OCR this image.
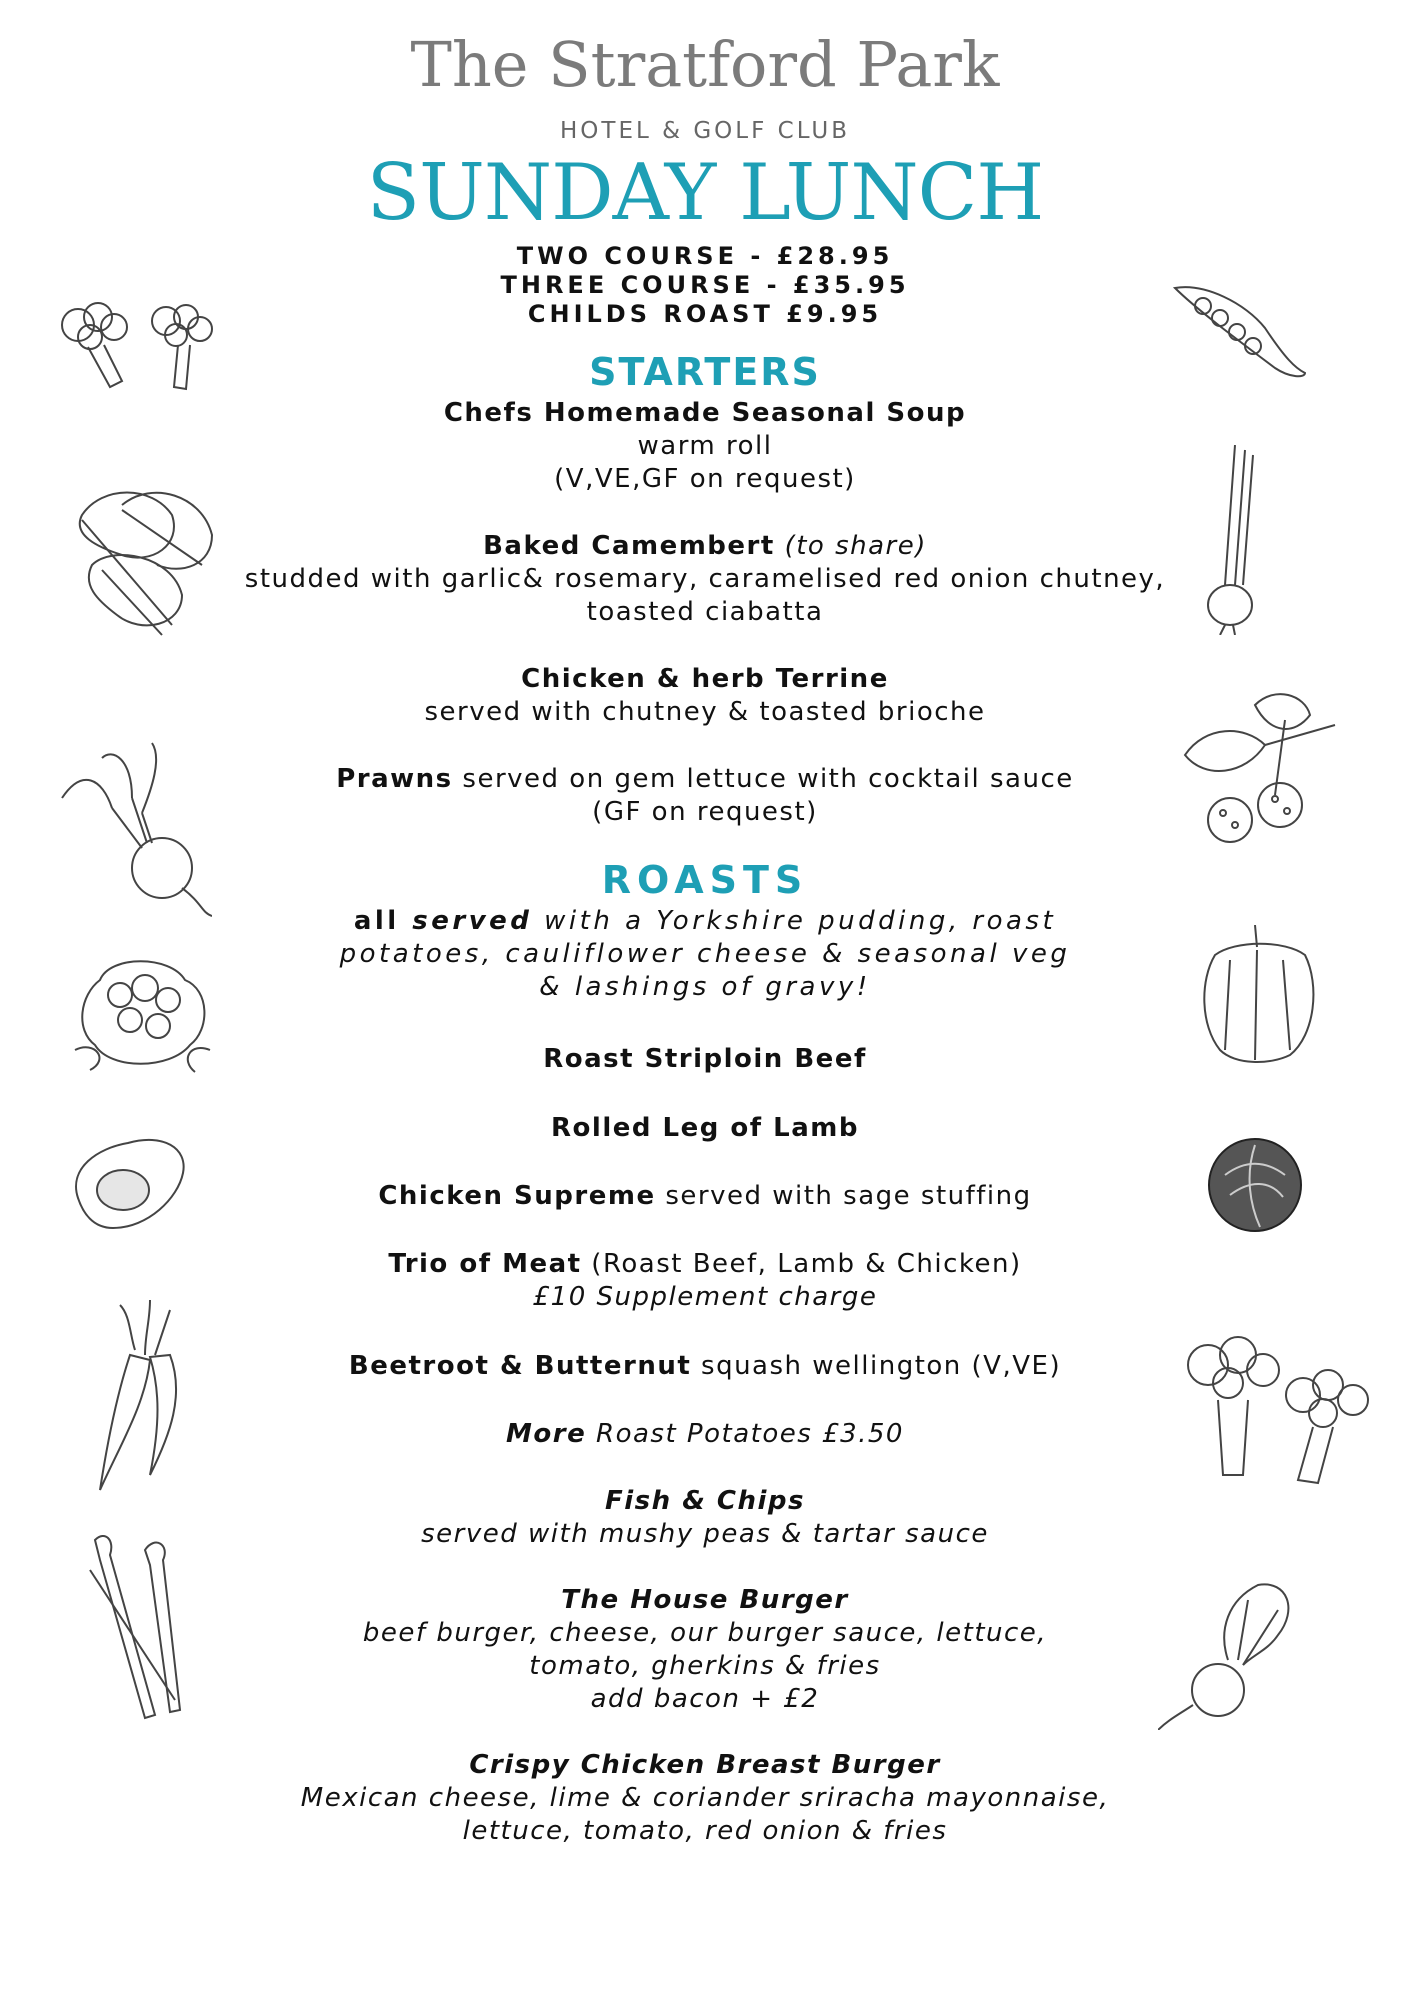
The Stratford Park
HOTEL & GOLF CLUB
SUNDAY LUNCH
TWO COURSE - £28.95
THREE COURSE - £35.95
CHILDS ROAST £9.95
STARTERS
Chefs Homemade Seasonal Soup
warm roll
(V,VE,GF on request)
Baked Camembert (to share)
studded with garlic& rosemary, caramelised red onion chutney,
toasted ciabatta
Chicken & herb Terrine
served with chutney & toasted brioche
Prawns served on gem lettuce with cocktail sauce
(GF on request)
ROASTS
all served with a Yorkshire pudding, roast
potatoes, cauliflower cheese & seasonal veg
& lashings of gravy!
Roast Striploin Beef
Rolled Leg of Lamb
Chicken Supreme served with sage stuffing
Trio of Meat (Roast Beef, Lamb & Chicken)
£10 Supplement charge
Beetroot & Butternut squash wellington (V,VE)
More Roast Potatoes £3.50
Fish & Chips
served with mushy peas & tartar sauce
The House Burger
beef burger, cheese, our burger sauce, lettuce,
tomato, gherkins & fries
add bacon + £2
Crispy Chicken Breast Burger
Mexican cheese, lime & coriander sriracha mayonnaise,
lettuce, tomato, red onion & fries
